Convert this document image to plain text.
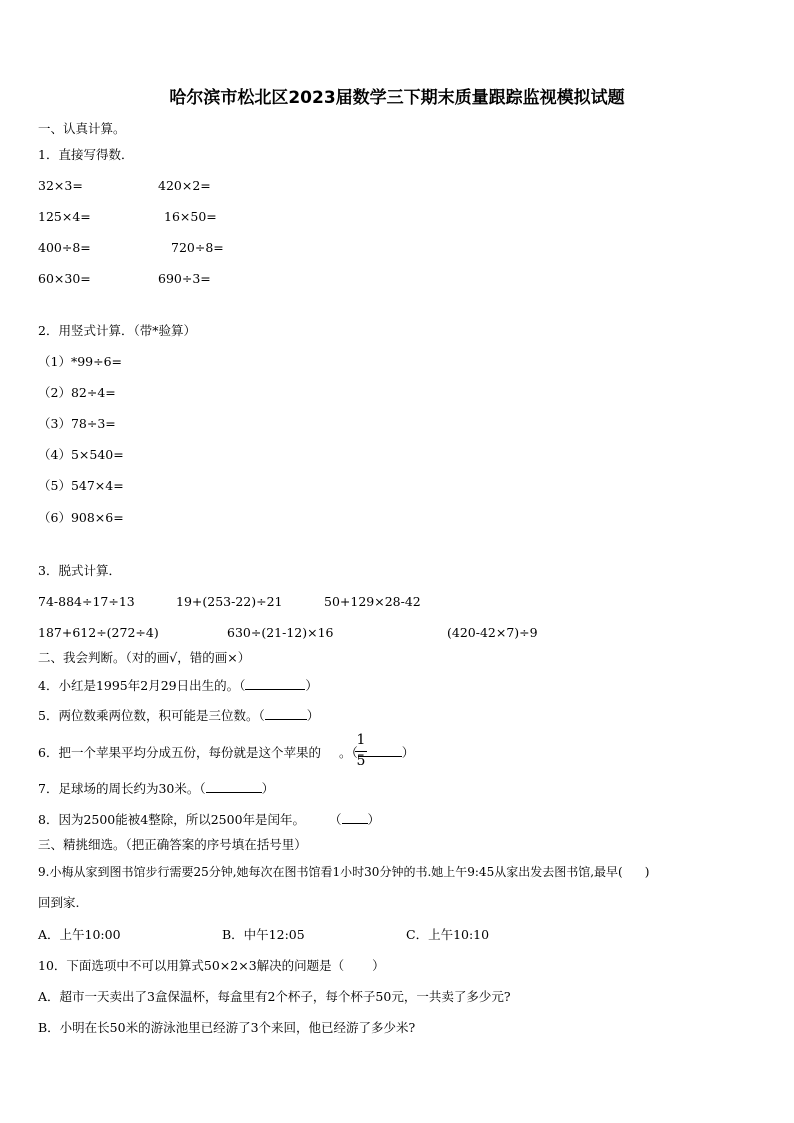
哈尔滨市松北区2023届数学三下期末质量跟踪监视模拟试题
一、认真计算。
1．直接写得数．
32×3=	420×2=
125×4=	16×50=
400÷8=	720÷8=
60×30=	690÷3=
2．用竖式计算．（带*验算）
（1）*99÷6=
（2）82÷4=
（3）78÷3=
（4）5×540=
（5）547×4=
（6）908×6=
3．脱式计算．
74-884÷17÷13	19+(253-22)÷21	50+129×28-42
187+612÷(272÷4)	630÷(21-12)×16	(420-42×7)÷9
二、我会判断。（对的画√，错的画×）
4．小红是1995年2月29日出生的。（	）
5．两位数乘两位数，积可能是三位数。（	）
6．把一个苹果平均分成五份，每份就是这个苹果的 。（	）
1
5
7．足球场的周长约为30米。（	）
8．因为2500能被4整除，所以2500年是闰年。 （ ）
三、精挑细选。（把正确答案的序号填在括号里）
9.小梅从家到图书馆步行需要25分钟,她每次在图书馆看1小时30分钟的书.她上午9:45从家出发去图书馆,最早( )
回到家.
A．上午10:00	B．中午12:05	C．上午10:10
10．下面选项中不可以用算式50×2×3解决的问题是（ ）
A．超市一天卖出了3盒保温杯，每盒里有2个杯子，每个杯子50元，一共卖了多少元?
B．小明在长50米的游泳池里已经游了3个来回，他已经游了多少米?
